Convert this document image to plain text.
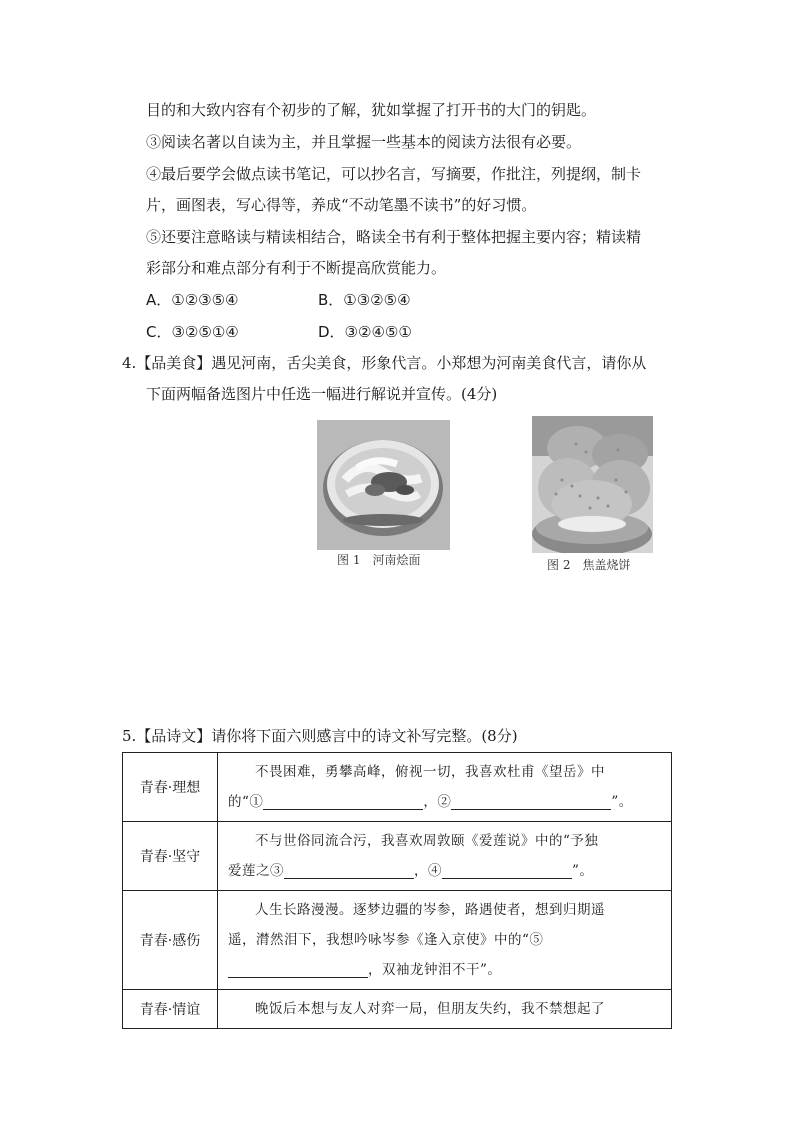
目的和大致内容有个初步的了解，犹如掌握了打开书的大门的钥匙。
③阅读名著以自读为主，并且掌握一些基本的阅读方法很有必要。
④最后要学会做点读书笔记，可以抄名言，写摘要，作批注，列提纲，制卡
片，画图表，写心得等，养成“不动笔墨不读书”的好习惯。
⑤还要注意略读与精读相结合，略读全书有利于整体把握主要内容；精读精
彩部分和难点部分有利于不断提高欣赏能力。
A．①②③⑤④	B．①③②⑤④
C．③②⑤①④	D．③②④⑤①
4.【品美食】遇见河南，舌尖美食，形象代言。小郑想为河南美食代言，请你从
下面两幅备选图片中任选一幅进行解说并宣传。(4分)
图 1　河南烩面	图 2　焦盖烧饼
5.【品诗文】请你将下面六则感言中的诗文补写完整。(8分)
青春·理想	不畏困难，勇攀高峰，俯视一切，我喜欢杜甫《望岳》中
的“① ，② ”。
青春·坚守	不与世俗同流合污，我喜欢周敦颐《爱莲说》中的“予独
爱莲之③ ，④ ”。
青春·感伤	人生长路漫漫。逐梦边疆的岑参，路遇使者，想到归期遥
遥，潸然泪下，我想吟咏岑参《逢入京使》中的“⑤
，双袖龙钟泪不干”。
青春·情谊	晚饭后本想与友人对弈一局，但朋友失约，我不禁想起了
